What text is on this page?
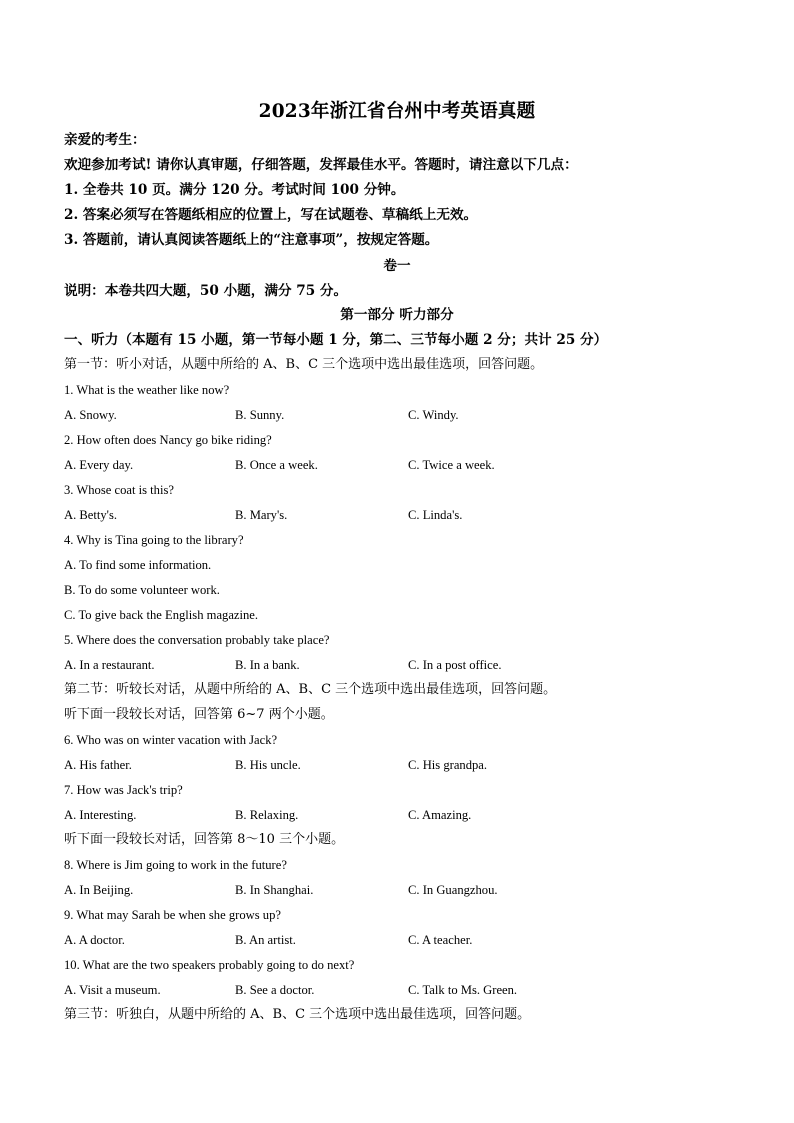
2023年浙江省台州中考英语真题
亲爱的考生：
欢迎参加考试! 请你认真审题，仔细答题，发挥最佳水平。答题时，请注意以下几点：
1. 全卷共 10 页。满分 120 分。考试时间 100 分钟。
2. 答案必须写在答题纸相应的位置上，写在试题卷、草稿纸上无效。
3. 答题前，请认真阅读答题纸上的“注意事项”，按规定答题。
卷一
说明：本卷共四大题，50 小题，满分 75 分。
第一部分 听力部分
一、听力（本题有 15 小题，第一节每小题 1 分，第二、三节每小题 2 分；共计 25 分）
第一节：听小对话，从题中所给的 A、B、C 三个选项中选出最佳选项，回答问题。
1. What is the weather like now?
A. Snowy.	B. Sunny.	C. Windy.
2. How often does Nancy go bike riding?
A. Every day.	B. Once a week.	C. Twice a week.
3. Whose coat is this?
A. Betty's.	B. Mary's.	C. Linda's.
4. Why is Tina going to the library?
A. To find some information.
B. To do some volunteer work.
C. To give back the English magazine.
5. Where does the conversation probably take place?
A. In a restaurant.	B. In a bank.	C. In a post office.
第二节：听较长对话，从题中所给的 A、B、C 三个选项中选出最佳选项，回答问题。
听下面一段较长对话，回答第 6~7 两个小题。
6. Who was on winter vacation with Jack?
A. His father.	B. His uncle.	C. His grandpa.
7. How was Jack's trip?
A. Interesting.	B. Relaxing.	C. Amazing.
听下面一段较长对话，回答第 8～10 三个小题。
8. Where is Jim going to work in the future?
A. In Beijing.	B. In Shanghai.	C. In Guangzhou.
9. What may Sarah be when she grows up?
A. A doctor.	B. An artist.	C. A teacher.
10. What are the two speakers probably going to do next?
A. Visit a museum.	B. See a doctor.	C. Talk to Ms. Green.
第三节：听独白，从题中所给的 A、B、C 三个选项中选出最佳选项，回答问题。
